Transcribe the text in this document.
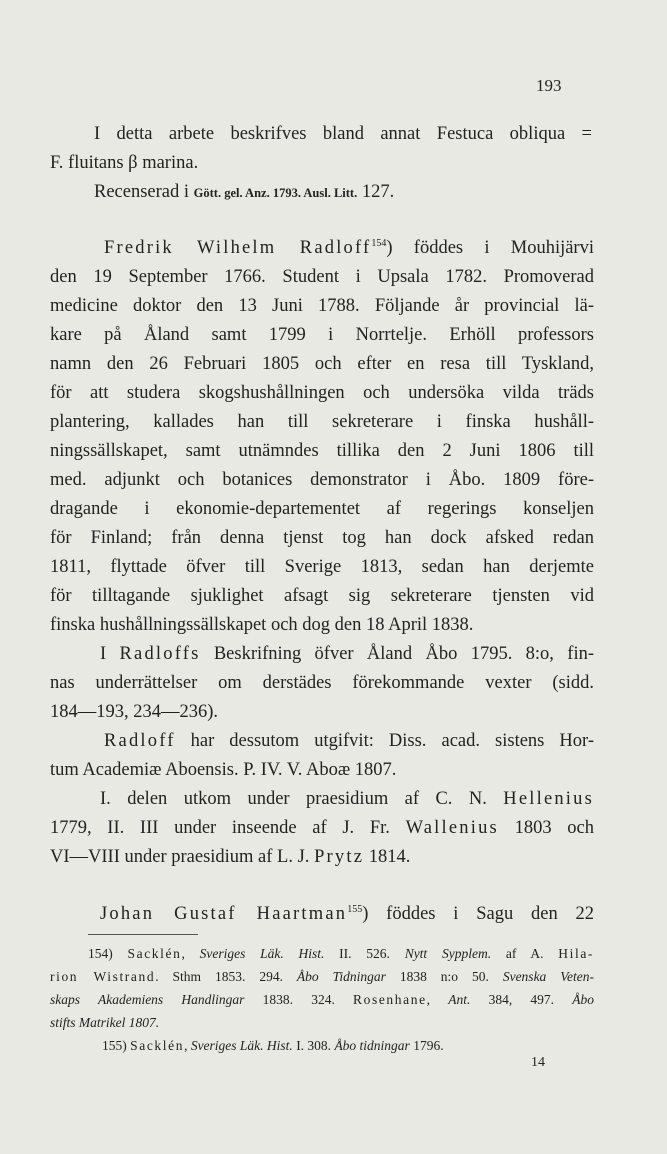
193
I detta arbete beskrifves bland annat Festuca obliqua =
F. fluitans β marina.
Recenserad i Gött. gel. Anz. 1793. Ausl. Litt. 127.
Fredrik Wilhelm Radloff$^{154}$) föddes i Mouhijärvi
den 19 September 1766. Student i Upsala 1782. Promoverad
medicine doktor den 13 Juni 1788. Följande år provincial lä-
kare på Åland samt 1799 i Norrtelje. Erhöll professors
namn den 26 Februari 1805 och efter en resa till Tyskland,
för att studera skogshushållningen och undersöka vilda träds
plantering, kallades han till sekreterare i finska hushåll-
ningssällskapet, samt utnämndes tillika den 2 Juni 1806 till
med. adjunkt och botanices demonstrator i Åbo. 1809 före-
dragande i ekonomie-departementet af regerings konseljen
för Finland; från denna tjenst tog han dock afsked redan
1811, flyttade öfver till Sverige 1813, sedan han derjemte
för tilltagande sjuklighet afsagt sig sekreterare tjensten vid
finska hushållningssällskapet och dog den 18 April 1838.
I Radloffs Beskrifning öfver Åland Åbo 1795. 8:o, fin-
nas underrättelser om derstädes förekommande vexter (sidd.
184—193, 234—236).
Radloff har dessutom utgifvit: Diss. acad. sistens Hor-
tum Academiæ Aboensis. P. IV. V. Aboæ 1807.
I. delen utkom under praesidium af C. N. Hellenius
1779, II. III under inseende af J. Fr. Wallenius 1803 och
VI—VIII under praesidium af L. J. Prytz 1814.
Johan Gustaf Haartman$^{155}$) föddes i Sagu den 22
154) Sacklén, Sveriges Läk. Hist. II. 526. Nytt Sypplem. af A. Hila-
rion Wistrand. Sthm 1853. 294. Åbo Tidningar 1838 n:o 50. Svenska Veten-
skaps Akademiens Handlingar 1838. 324. Rosenhane, Ant. 384, 497. Åbo
stifts Matrikel 1807.
155) Sacklén, Sveriges Läk. Hist. I. 308. Åbo tidningar 1796.
14
